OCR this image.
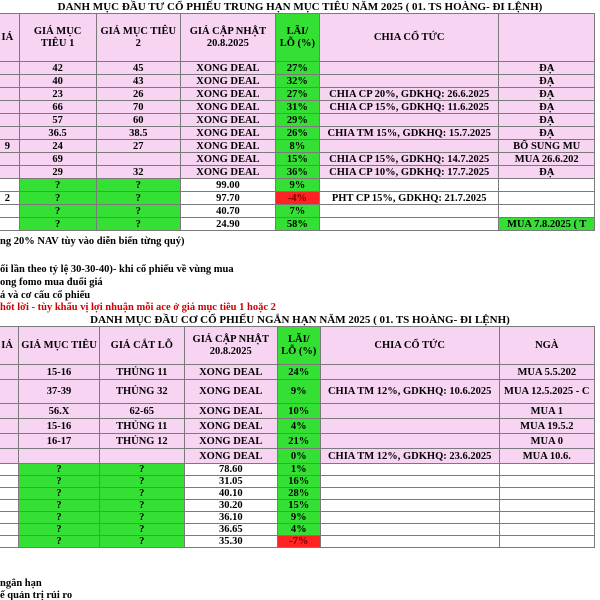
DANH MỤC ĐẦU TƯ CỔ PHIẾU TRUNG HẠN MỤC TIÊU NĂM 2025 ( 01. TS HOÀNG- ĐI LỆNH)
IÁ	GIÁ MỤC TIÊU 1	GIÁ MỤC TIÊU 2	GIÁ CẬP NHẬT 20.8.2025	LÃI/ LỖ (%)	CHIA CỔ TỨC	
	42	45	XONG DEAL	27%		ĐẠ
	40	43	XONG DEAL	32%		ĐẠ
	23	26	XONG DEAL	27%	CHIA CP 20%, GDKHQ: 26.6.2025	ĐẠ
	66	70	XONG DEAL	31%	CHIA CP 15%, GDKHQ: 11.6.2025	ĐẠ
	57	60	XONG DEAL	29%		ĐẠ
	36.5	38.5	XONG DEAL	26%	CHIA TM 15%, GDKHQ: 15.7.2025	ĐẠ
9	24	27	XONG DEAL	8%		BỔ SUNG MU
	69		XONG DEAL	15%	CHIA CP 15%, GDKHQ: 14.7.2025	MUA 26.6.202
	29	32	XONG DEAL	36%	CHIA CP 10%, GDKHQ: 17.7.2025	ĐẠ
	?	?	99.00	9%		
2	?	?	97.70	-4%	PHT CP 15%, GDKHQ: 21.7.2025	
	?	?	40.70	7%		
	?	?	24.90	58%		MUA 7.8.2025 ( T
ng 20% NAV tùy vào diễn biến từng quý)
ối lần theo tỷ lệ 30-30-40)- khi cổ phiếu về vùng mua
ong fomo mua đuổi giá
á và cơ cấu cổ phiếu
hốt lời - tùy khẩu vị lợi nhuận mỗi ace ở giá mục tiêu 1 hoặc 2
DANH MỤC ĐẦU CƠ CỔ PHIẾU NGẮN HẠN NĂM 2025 ( 01. TS HOÀNG- ĐI LỆNH)
IÁ	GIÁ MỤC TIÊU	GIÁ CẮT LỖ	GIÁ CẬP NHẬT 20.8.2025	LÃI/ LỖ (%)	CHIA CỔ TỨC	NGÀ
	15-16	THỦNG 11	XONG DEAL	24%		MUA 5.5.202
	37-39	THỦNG 32	XONG DEAL	9%	CHIA TM 12%, GDKHQ: 10.6.2025	MUA 12.5.2025 - C
	56.X	62-65	XONG DEAL	10%		MUA 1
	15-16	THỦNG 11	XONG DEAL	4%		MUA 19.5.2
	16-17	THỦNG 12	XONG DEAL	21%		MUA 0
			XONG DEAL	0%	CHIA TM 12%, GDKHQ: 23.6.2025	MUA 10.6.
	?	?	78.60	1%		
	?	?	31.05	16%		
	?	?	40.10	28%		
	?	?	30.20	15%		
	?	?	36.10	9%		
	?	?	36.65	4%		
	?	?	35.30	-7%		
ngắn hạn
ế quản trị rủi ro
